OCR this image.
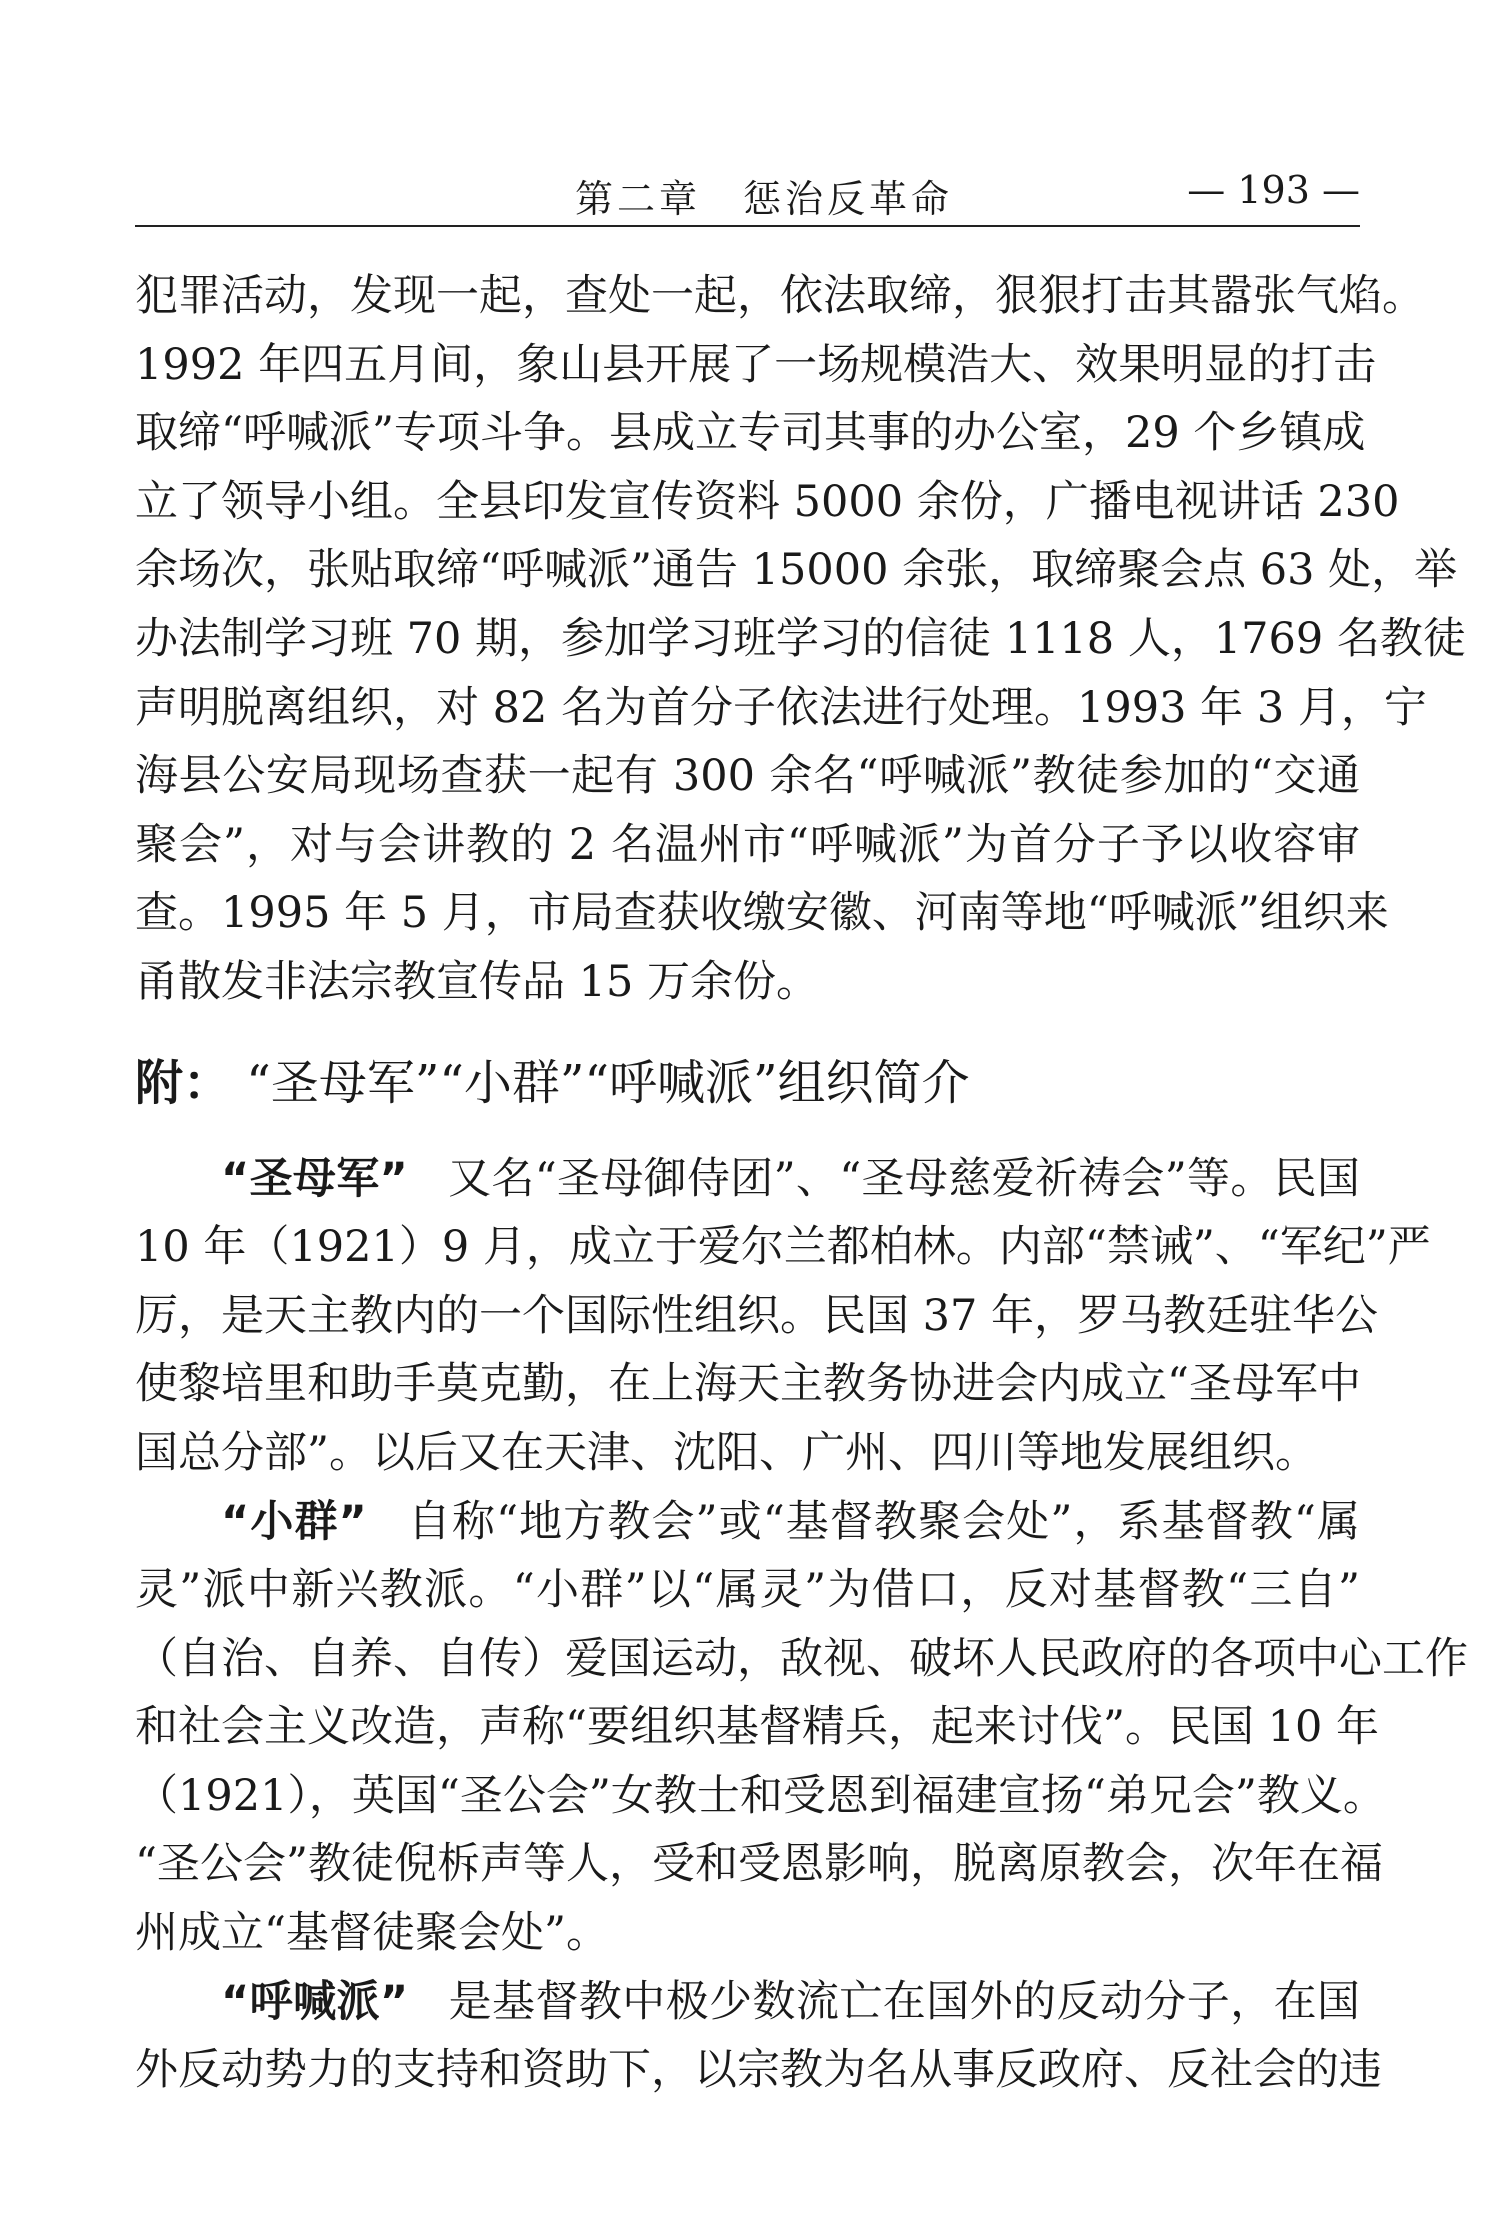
第二章　惩治反革命	— 193 —
犯罪活动，发现一起，查处一起，依法取缔，狠狠打击其嚣张气焰。
1992 年四五月间，象山县开展了一场规模浩大、效果明显的打击
取缔“呼喊派”专项斗争。县成立专司其事的办公室，29 个乡镇成
立了领导小组。全县印发宣传资料 5000 余份，广播电视讲话 230
余场次，张贴取缔“呼喊派”通告 15000 余张，取缔聚会点 63 处，举
办法制学习班 70 期，参加学习班学习的信徒 1118 人，1769 名教徒
声明脱离组织，对 82 名为首分子依法进行处理。1993 年 3 月，宁
海县公安局现场查获一起有 300 余名“呼喊派”教徒参加的“交通
聚会”，对与会讲教的 2 名温州市“呼喊派”为首分子予以收容审
查。1995 年 5 月，市局查获收缴安徽、河南等地“呼喊派”组织来
甬散发非法宗教宣传品 15 万余份。
附： “圣母军”“小群”“呼喊派”组织简介
“圣母军” 又名“圣母御侍团”、“圣母慈爱祈祷会”等。民国
10 年（1921）9 月，成立于爱尔兰都柏林。内部“禁诫”、“军纪”严
厉，是天主教内的一个国际性组织。民国 37 年，罗马教廷驻华公
使黎培里和助手莫克勤，在上海天主教务协进会内成立“圣母军中
国总分部”。以后又在天津、沈阳、广州、四川等地发展组织。
“小群” 自称“地方教会”或“基督教聚会处”，系基督教“属
灵”派中新兴教派。“小群”以“属灵”为借口，反对基督教“三自”
（自治、自养、自传）爱国运动，敌视、破坏人民政府的各项中心工作
和社会主义改造，声称“要组织基督精兵，起来讨伐”。民国 10 年
（1921），英国“圣公会”女教士和受恩到福建宣扬“弟兄会”教义。
“圣公会”教徒倪柝声等人，受和受恩影响，脱离原教会，次年在福
州成立“基督徒聚会处”。
“呼喊派” 是基督教中极少数流亡在国外的反动分子，在国
外反动势力的支持和资助下，以宗教为名从事反政府、反社会的违
